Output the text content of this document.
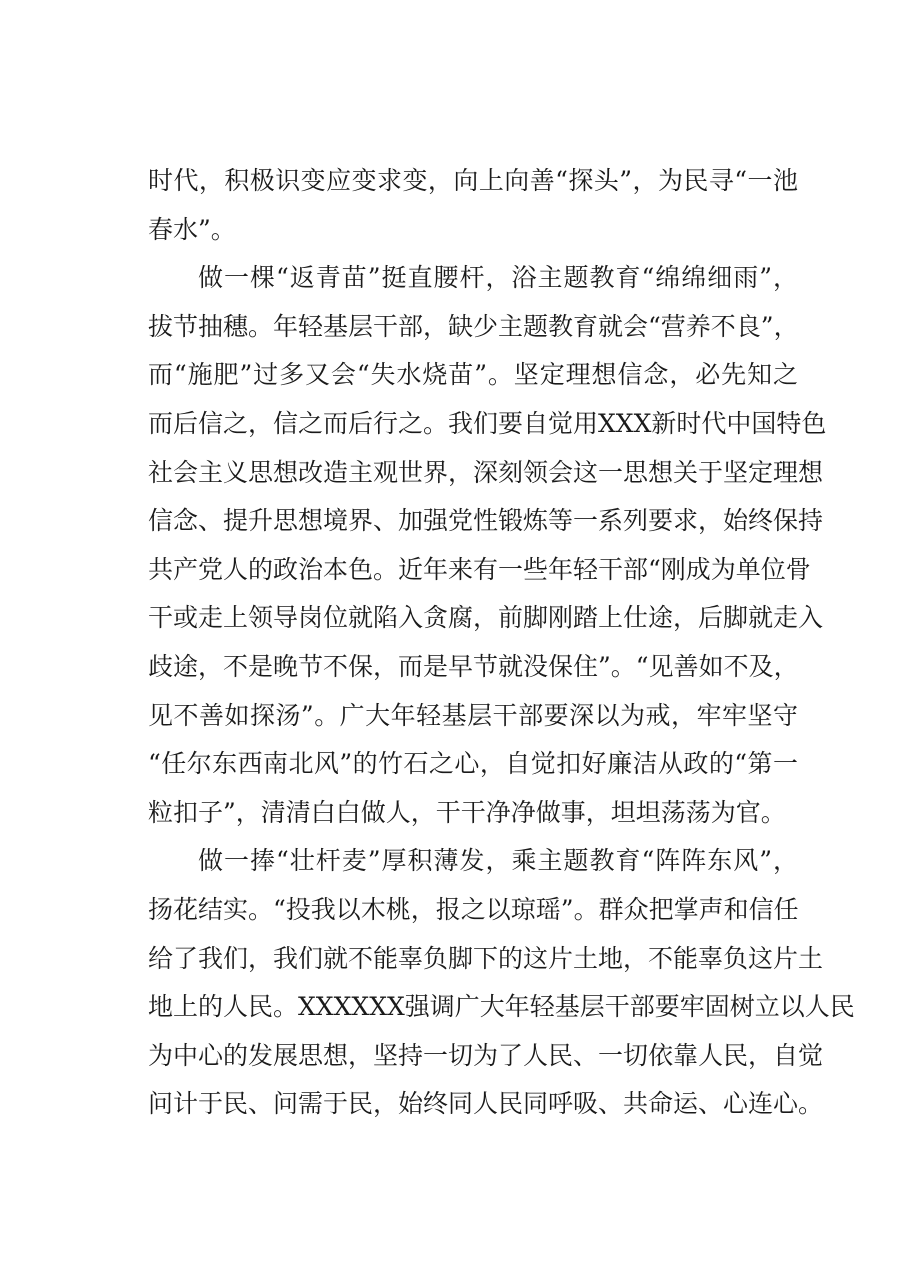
时代，积极识变应变求变，向上向善“探头”，为民寻“一池
春水”。
做一棵“返青苗”挺直腰杆，浴主题教育“绵绵细雨”，
拔节抽穗。年轻基层干部，缺少主题教育就会“营养不良”，
而“施肥”过多又会“失水烧苗”。坚定理想信念，必先知之
而后信之，信之而后行之。我们要自觉用XXX新时代中国特色
社会主义思想改造主观世界，深刻领会这一思想关于坚定理想
信念、提升思想境界、加强党性锻炼等一系列要求，始终保持
共产党人的政治本色。近年来有一些年轻干部“刚成为单位骨
干或走上领导岗位就陷入贪腐，前脚刚踏上仕途，后脚就走入
歧途，不是晚节不保，而是早节就没保住”。“见善如不及，
见不善如探汤”。广大年轻基层干部要深以为戒，牢牢坚守
“任尔东西南北风”的竹石之心，自觉扣好廉洁从政的“第一
粒扣子”，清清白白做人，干干净净做事，坦坦荡荡为官。
做一捧“壮杆麦”厚积薄发，乘主题教育“阵阵东风”，
扬花结实。“投我以木桃，报之以琼瑶”。群众把掌声和信任
给了我们，我们就不能辜负脚下的这片土地，不能辜负这片土
地上的人民。XXXXXX强调广大年轻基层干部要牢固树立以人民
为中心的发展思想，坚持一切为了人民、一切依靠人民，自觉
问计于民、问需于民，始终同人民同呼吸、共命运、心连心。
